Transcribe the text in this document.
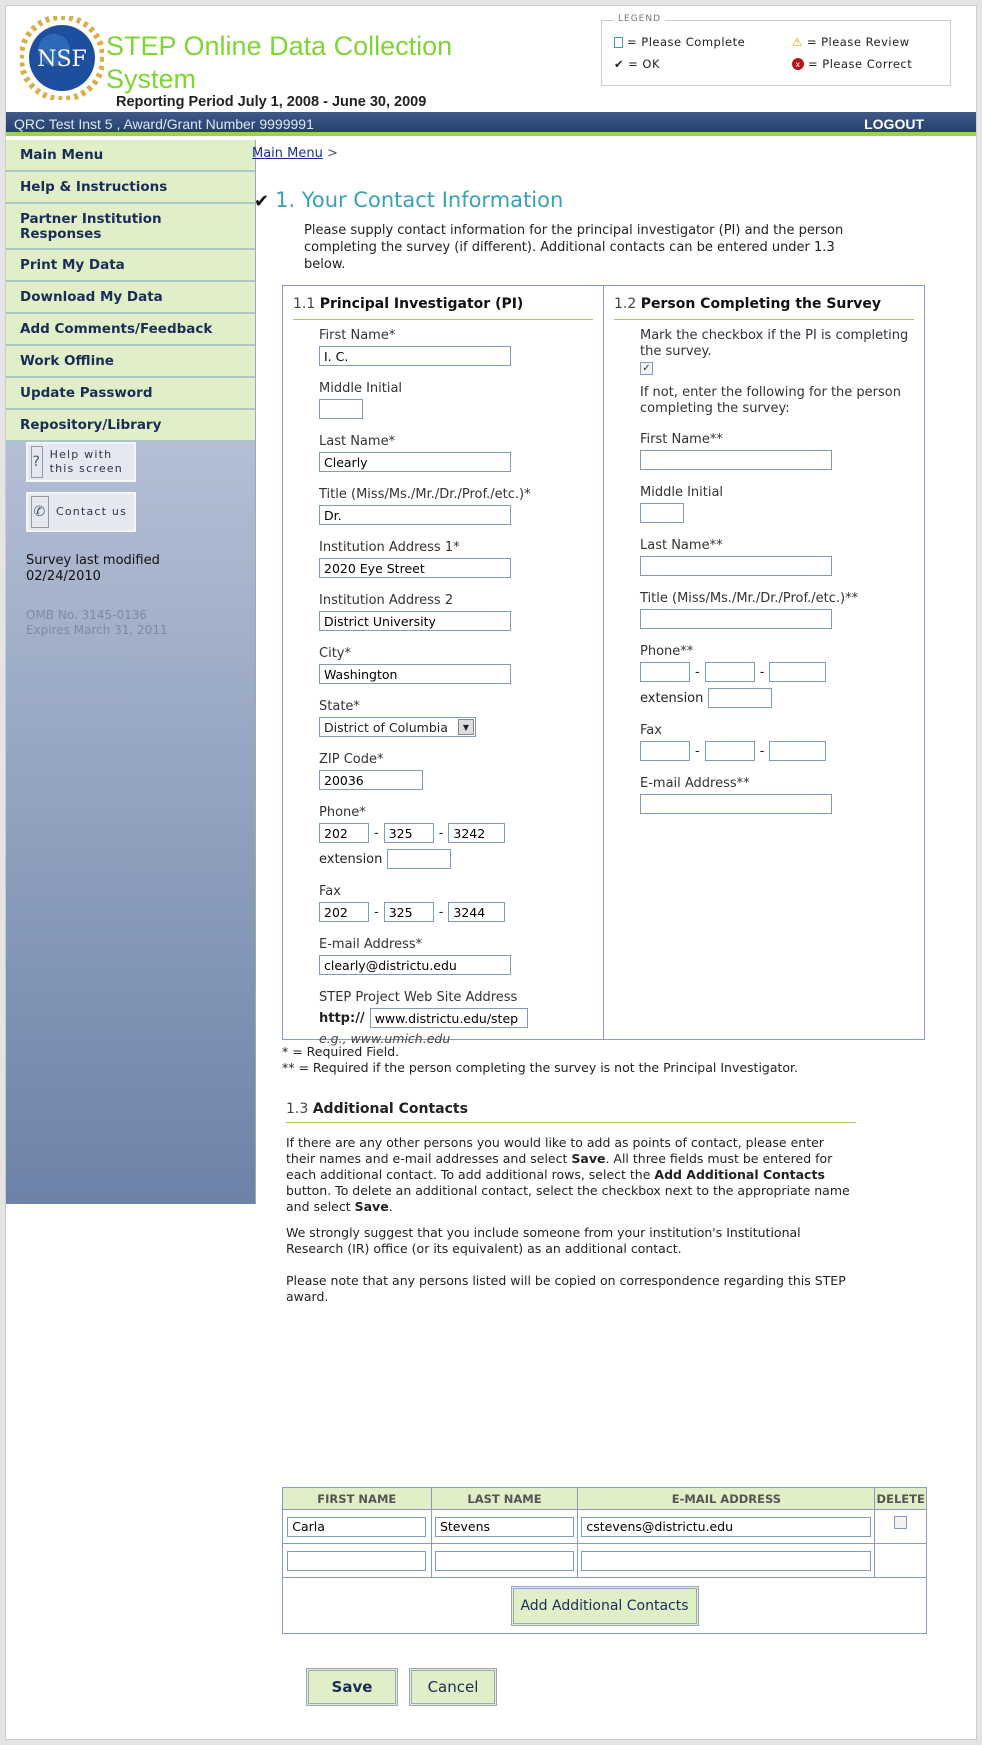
NSF STEP Online Data Collection System
Reporting Period July 1, 2008 - June 30, 2009
LEGEND
= Please Complete	⚠ = Please Review
✔ = OK	x = Please Correct
QRC Test Inst 5 , Award/Grant Number 9999991	LOGOUT
Main Menu
Help & Instructions
Partner Institution Responses
Print My Data
Download My Data
Add Comments/Feedback
Work Offline
Update Password
Repository/Library
? Help with this screen
✆ Contact us
Survey last modified
02/24/2010
OMB No. 3145-0136
Expires March 31, 2011
Main Menu >
✔ 1. Your Contact Information
Please supply contact information for the principal investigator (PI) and the person completing the survey (if different). Additional contacts can be entered under 1.3 below.
1.1 Principal Investigator (PI)
First Name*
I. C.
Middle Initial
Last Name*
Clearly
Title (Miss/Ms./Mr./Dr./Prof./etc.)*
Dr.
Institution Address 1*
2020 Eye Street
Institution Address 2
District University
City*
Washington
State*
District of Columbia	▼
ZIP Code*
20036
Phone*
202
-
325	-
3242
extension
Fax
202
-
325	-
3244
E-mail Address*
clearly@districtu.edu
STEP Project Web Site Address
http://
www.districtu.edu/step
e.g., www.umich.edu
1.2 Person Completing the Survey
Mark the checkbox if the PI is completing the survey.
✓
If not, enter the following for the person completing the survey:
First Name**
Middle Initial
Last Name**
Title (Miss/Ms./Mr./Dr./Prof./etc.)**
Phone**
-	-
extension
Fax
-	-
E-mail Address**
* = Required Field.
** = Required if the person completing the survey is not the Principal Investigator.
1.3 Additional Contacts
If there are any other persons you would like to add as points of contact, please enter their names and e-mail addresses and select Save. All three fields must be entered for each additional contact. To add additional rows, select the Add Additional Contacts button. To delete an additional contact, select the checkbox next to the appropriate name and select Save.
We strongly suggest that you include someone from your institution's Institutional Research (IR) office (or its equivalent) as an additional contact.
Please note that any persons listed will be copied on correspondence regarding this STEP award.
FIRST NAME	LAST NAME	E-MAIL ADDRESS	DELETE
Carla	Stevens	cstevens@districtu.edu	

Add Additional Contacts			
Save	Cancel
